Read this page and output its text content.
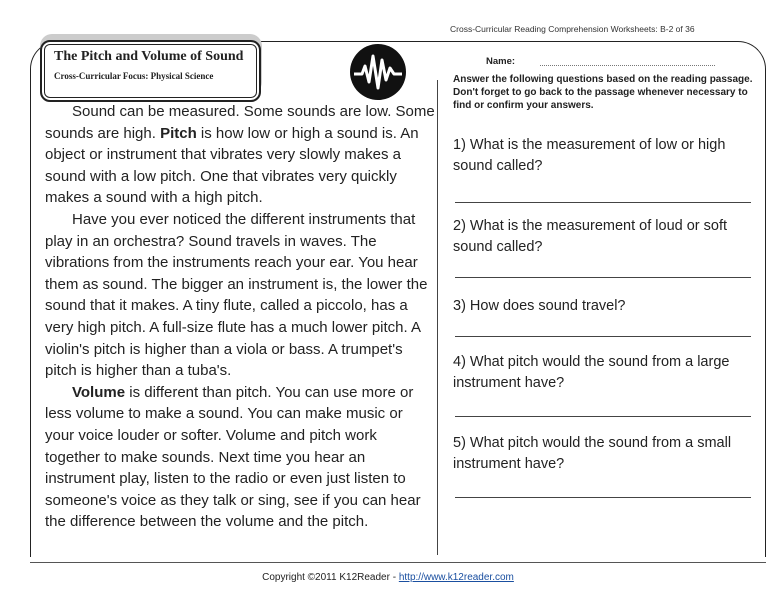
Cross-Curricular Reading Comprehension Worksheets: B-2 of 36
The Pitch and Volume of Sound
Cross-Curricular Focus: Physical Science

Sound can be measured. Some sounds are low. Some sounds are high. Pitch is how low or high a sound is. An object or instrument that vibrates very slowly makes a sound with a low pitch. One that vibrates very quickly makes a sound with a high pitch.

Have you ever noticed the different instruments that play in an orchestra? Sound travels in waves. The vibrations from the instruments reach your ear. You hear them as sound. The bigger an instrument is, the lower the sound that it makes. A tiny flute, called a piccolo, has a very high pitch. A full-size flute has a much lower pitch. A violin's pitch is higher than a viola or bass. A trumpet's pitch is higher than a tuba's.

Volume is different than pitch. You can use more or less volume to make a sound. You can make music or your voice louder or softer. Volume and pitch work together to make sounds. Next time you hear an instrument play, listen to the radio or even just listen to someone's voice as they talk or sing, see if you can hear the difference between the volume and the pitch.

Name:
Answer the following questions based on the reading passage. Don't forget to go back to the passage whenever necessary to find or confirm your answers.
1) What is the measurement of low or high sound called?
2) What is the measurement of loud or soft sound called?
3) How does sound travel?
4) What pitch would the sound from a large instrument have?
5) What pitch would the sound from a small instrument have?
Copyright ©2011 K12Reader - http://www.k12reader.com
